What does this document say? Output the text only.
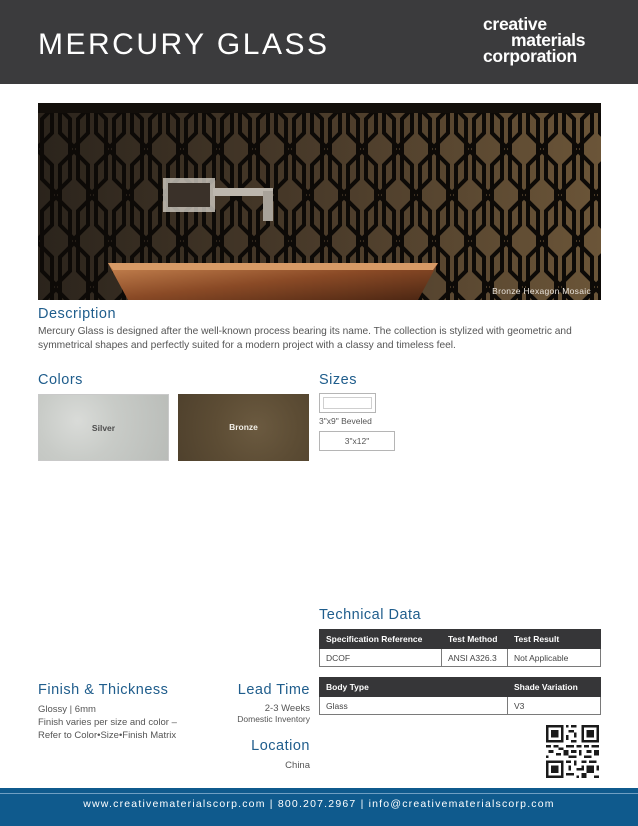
MERCURY GLASS
creative
materials
corporation
Bronze Hexagon Mosaic
Description

Mercury Glass is designed after the well-known process bearing its name. The collection is stylized with geometric and symmetrical shapes and perfectly suited for a modern project with a classy and timeless feel.

Colors
Silver	Bronze
Sizes
3"x9" Beveled
3"x12"
Technical Data
Specification Reference	Test Method	Test Result
DCOF	ANSI A326.3	Not Applicable
Body Type	Shade Variation
Glass	V3
Finish & Thickness
Glossy | 6mm
Finish varies per size and color –
Refer to Color•Size•Finish Matrix
Lead Time
2-3 Weeks
Domestic Inventory
Location
China
www.creativematerialscorp.com | 800.207.2967 | info@creativematerialscorp.com
